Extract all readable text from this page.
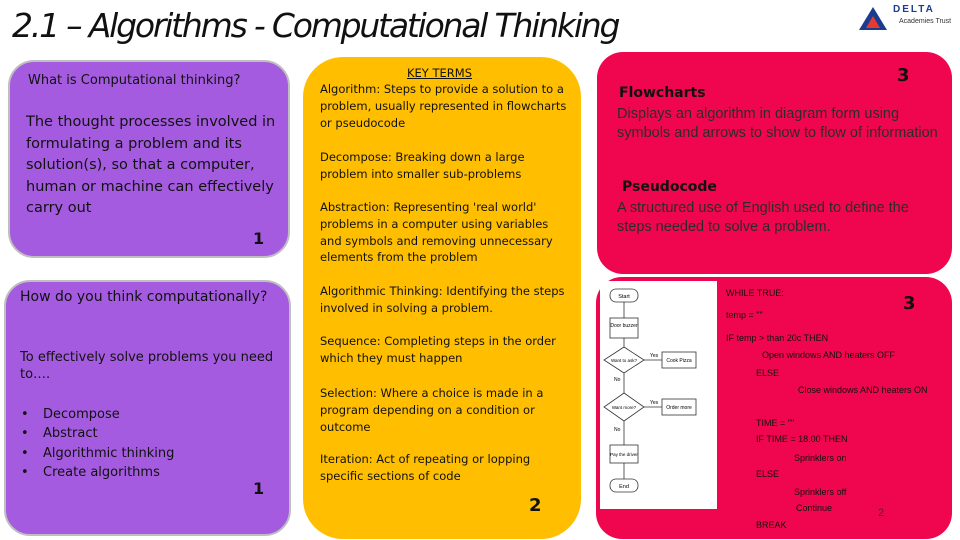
2.1 – Algorithms - Computational Thinking	DELTA
Academies Trust
What is Computational thinking?
The thought processes involved in formulating a problem and its solution(s), so that a computer, human or machine can effectively carry out
1
How do you think computationally?
To effectively solve problems you need to….
• Decompose
• Abstract
• Algorithmic thinking
• Create algorithms
1
KEY TERMS
Algorithm: Steps to provide a solution to a problem, usually represented in flowcharts or pseudocode
Decompose: Breaking down a large problem into smaller sub-problems
Abstraction: Representing 'real world' problems in a computer using variables and symbols and removing unnecessary elements from the problem
Algorithmic Thinking: Identifying the steps involved in solving a problem.
Sequence: Completing steps in the order which they must happen
Selection: Where a choice is made in a program depending on a condition or outcome
Iteration: Act of repeating or lopping specific sections of code
2
3
Flowcharts
Displays an algorithm in diagram form using symbols and arrows to show to flow of information
Pseudocode
A structured use of English used to define the steps needed to solve a problem.
Start
Door buzzer
Want to ask?
Yes
No
Cook Pizza
Want more?
Yes
No
Order more
Pay the driver
End
3
WHILE TRUE:
temp = ""
IF temp > than 20c THEN
Open windows AND heaters OFF
ELSE
Close windows AND heaters ON
TIME = ""
IF TIME = 18.00 THEN
Sprinklers on
ELSE
Sprinklers off
Continue
BREAK
2
